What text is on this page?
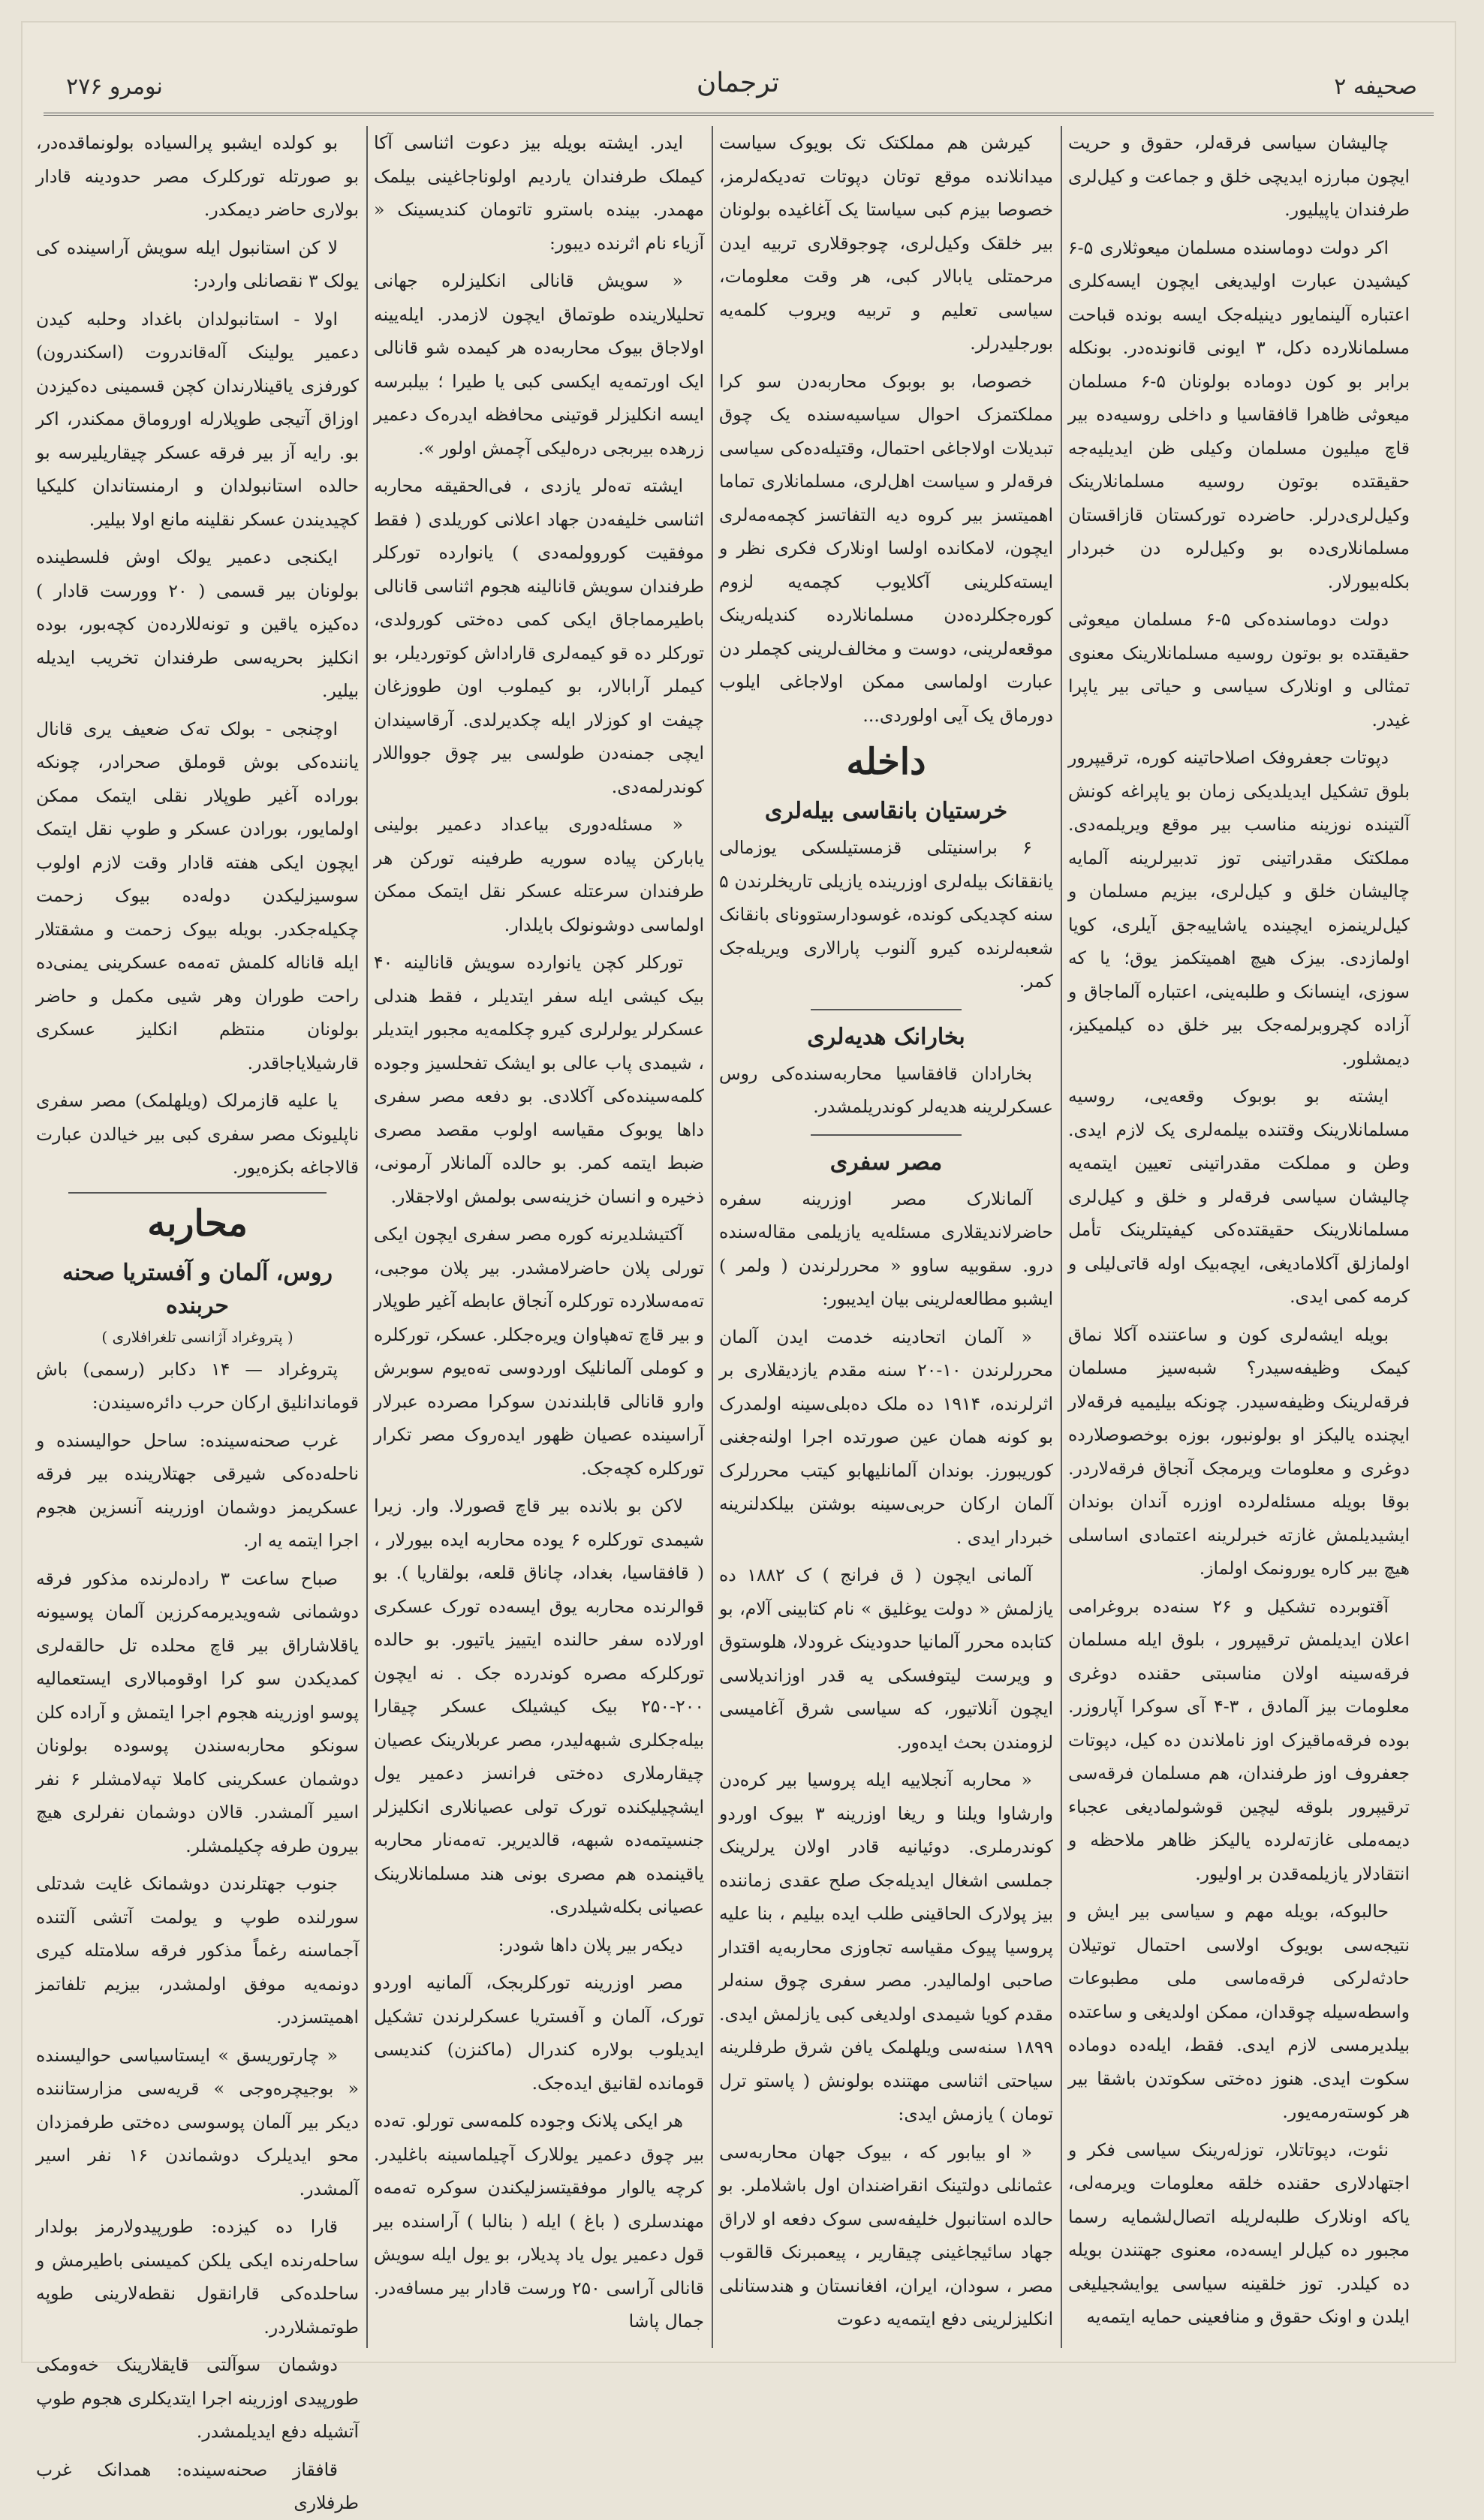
صحیفه ۲
ترجمان
نومرو ۲۷۶

چالیشان سیاسی فرقه‌لر، حقوق و حریت ایچون مبارزه ایدیچی خلق و جماعت و کیل‌لری طرفندان یاپیلیور.

اکر دولت دوماسنده مسلمان میعوثلاری ۵-۶ کیشیدن عبارت اولیدیغی ایچون ایسه‌کلری اعتبارە آلینمایور دینیلەجک ایسه بونده قباحت مسلمانلارده دکل، ۳ ایونی قانونده‌در. بونکله برابر بو کون دوماده بولونان ۵-۶ مسلمان میعوثی ظاهرا قافقاسیا و داخلی روسیه‌ده بیر قاچ میلیون مسلمان وکیلی ظن ایدیلیه‌جه حقیقتده بوتون روسیه مسلمانلارینک وکیل‌لری‌درلر. حاضرده تورکستان قازاقستان مسلمانلاری‌ده بو وکیل‌لرە دن خبردار بکله‌بیورلار.

دولت دوماسنده‌کی ۵-۶ مسلمان میعوثی حقیقتده بو بوتون روسیه مسلمانلارینک معنوی تمثالی و اونلارک سیاسی و حیاتی بیر یاپرا غیدر.

دپوتات جعفروفک اصلاحاتینه کوره، ترقیپرور بلوق تشکیل ایدیلدیکی زمان بو یاپراغه کونش آلتینده نوزینه مناسب بیر موقع ویریلمه‌دی. مملکتک مقدراتینی توز تدبیرلرینه آلمایه چالیشان خلق و کیل‌لری، بیزیم مسلمان و کیل‌لرینمزه ایچینده یاشاییه‌جق آیلری، کویا اولمازدی. بیزک هیچ اهمیتکمز یوق؛ یا که سوزی، اینسانک و طلبه‌ینی، اعتبارە آلماجاق و آزاده کچروبرلمه‌جک بیر خلق ده کیلمیکیز، دیمشلور.

ایشته بو بوبوک وقعه‌یی، روسیه مسلمانلارینک وقتنده بیلمه‌لری یک لازم ایدی. وطن و مملکت مقدراتینی تعیین ایتمه‌یه چالیشان سیاسی فرقه‌لر و خلق و کیل‌لری مسلمانلارینک حقیقتده‌کی کیفیتلرینک تأمل اولمازلق آکلامادیغی، ایچه‌بیک اوله قاتی‌لیلی و کرمه کمی ایدی.

بویله ایشه‌لرى کون و ساعتنده آکلا نماق کیمک وظیفه‌سیدر؟ شبه‌سیز مسلمان فرقه‌لرینک وظیفه‌سیدر. چونکه بیلیمیه فرقه‌لار ایچنده یالیکز او بولونبور، بوزە بوخصوصلارده دوغری و معلومات ویرمجک آنجاق فرقه‌لاردر. بوقا بویله مسئلەلرده اوزرە آندان بوندان ایشیدیلمش غازته خبرلرینه اعتمادی اساسلی هیچ بیر کاره یورونمک اولماز.

آقتوبرده تشکیل و ۲۶ سنه‌ده بروغرامی اعلان ایدیلمش ترقیپرور ، بلوق ایله مسلمان فرقه‌سینه اولان مناسبتی حقنده دوغری معلومات بیز آلمادق ، ۳-۴ آی سوکرا آپاروزر. بوده فرقه‌ماقیزک اوز ناملاندن ده کیل، دپوتات جعفروف اوز طرفندان، هم مسلمان فرقه‌سی ترقیپرور بلوقه لیچین قوشولمادیغی عجباء دیمه‌ملی غازته‌لرده یالیکز ظاهر ملاحظه و انتقادلار یازیلمه‌قدن بر اولیور.

حالبوکه، بویله مهم و سیاسی بیر ایش و نتیجه‌سی بویوک اولاسی احتمال توتیلان حادثەلرکی فرقه‌ماسی ملی مطبوعات واسطه‌سیله چوقدان، ممکن اولدیغی و ساعتده بیلدیرمسی لازم ایدی. فقط، ایله‌ده دوماده سکوت ایدی. هنوز ده‌ختی سکوتدن باشقا بیر هر کوسته‌رمه‌یور.

نئوت، دپوتاتلار، توزله‌رینک سیاسی فکر و اجتهادلاری حقنده خلقه معلومات ویرمه‌لی، ياکه اونلارک طلبه‌لریله اتصال‌لشمایه رسما مجبور ده کیل‌لر ایسه‌ده، معنوی جهتندن بویله ده کیلدر. توز خلقینه سیاسی یوایشجیلیغی ایلدن و اونک حقوق و منافعینی حمایه ایتمه‌یه

کیرشن هم مملکتک تک بویوک سیاست میدانلاندە موقع توتان دپوتات ته‌دیکه‌لرمز، خصوصا بیزم کبی سیاستا یک آغاغیده بولونان بیر خلقک وکیل‌لری، چوجوقلاری تربیه ایدن مرحمتلی یابالار کبی، هر وقت معلومات، سیاسی تعلیم و تربیه ویروب کلمه‌یه بورجلیدرلر.

خصوصا، بو بوبوک محاربه‌دن سو کرا مملکتمزک احوال سیاسیه‌سنده یک چوق تبدیلات اولاجاغی احتمال، وقتیله‌ده‌کی سیاسی فرقه‌لر و سیاست اهل‌لری، مسلمانلاری تماما اهمیتسز بیر کروه دیه التفاتسز کچمه‌مه‌لری ایچون، لامکانده اولسا اونلارک فکری نظر و ایسته‌کلرینی آکلایوب کچمه‌یه لزوم کوره‌جکلرده‌دن مسلمانلارده کندیله‌رینک موقعه‌لرینی، دوست و مخالف‌لرینی کچملر دن عبارت اولماسی ممکن اولاجاغی ایلوب دورماق یک آیی اولوردی...

داخله
خرستیان بانقاسی بیله‌لری

۶ براسنیتلی قزمستیلسکی یوزمالی یانققانک بیله‌لری اوزرینده یازیلی تاریخلرندن ۵ سنه کچدیکی کونده، غوسودارستوونای بانقانک شعبه‌لرنده کیرو آلنوب پارالاری ویریله‌جک کمر.

بخارانک هدیه‌لری

بخارادان قافقاسیا محاربه‌سنده‌کی روس عسکرلرینه هدیه‌لر کوندریلمشدر.

مصر سفری

آلمانلارک مصر اوزرینه سفره حاضرلاندیقلاری مسئله‌یه یازیلمی مقاله‌سنده درو. سقوبیه ساوو « محررلرندن ( ولمر ) ایشبو مطالعه‌لرینی بیان ایدیبور:

« آلمان اتحادینه خدمت ایدن آلمان محررلرندن ۱۰-۲۰ سنه مقدم یازدیقلاری بر اثرلرنده، ۱۹۱۴ ده ملک ده‌بلی‌سینه اولمدرک بو کونه همان عین صورتده اجرا اولنه‌جغنی کوریبورز. بوندان آلمانلیهابو کیتب محررلرک آلمان ارکان حربی‌سینه بوشتن بیلکدلنرینه خبردار ایدی .

آلمانی ایچون ( ق فرانج ) ک ۱۸۸۲ ده یازلمش « دولت یوغلیق » نام کتابینی آلام، بو کتابده محرر آلمانیا حدودینک غرودلا، هلوستوق و ویرست لیتوفسکی یه قدر اوزاندیلاسی ایچون آنلاتیور، که سیاسی شرق آغامیسی لزومندن بحث ایده‌ور.

« محاربه آنجلاییه ایله پروسیا بیر کره‌دن وارشاوا ویلنا و ریغا اوزرینه ۳ بیوک اوردو کوندرملری. دوئیانیه قادر اولان یرلرینک جملسی اشغال ایدیله‌جک صلح عقدی زماننده بیز پولارک الحاقینی طلب ایده بیلیم ، بنا علیه پروسیا پیوک مقیاسه تجاوزی محاربه‌یه اقتدار صاحبی اولمالیدر. مصر سفری چوق سنه‌لر مقدم کویا شیمدی اولدیغی کبی یازلمش ایدی. ۱۸۹۹ سنه‌سی ویلهلمک یافن شرق طرفلرینه سیاحتی اثناسی مهتنده بولونش ( پاستو ترل تومان ) یازمش ایدی:

« او بیابور که ، بیوک جهان محاربه‌سی عثمانلی دولتینک انقراضندان اول باشلاملر. بو حالده استانبول خلیفه‌سی سوک دفعه او لاراق جهاد سائیجاغینی چیقاریر ، پیعمبرنک قالقوب مصر ، سودان، ایران، افغانستان و هندستانلی انکلیزلرینی دفع ایتمه‌یه دعوت

ایدر. ایشته بویله بیز دعوت اثناسی آکا کیملک طرفندان یاردیم اولوناجاغینی بیلمک مهمدر. بینده باسترو تاتومان کندیسینک « آزیاء نام اثرنده دیبور:

« سویش قانالی انکلیزلرە جهانی تحلیلارینده طوتماق ایچون لازمدر. ایله‌یینه اولاجاق بیوک محاربه‌ده هر کیمده شو قانالی ایک اورتمه‌یه ایکسی کبی یا طیرا ؛ بیلبرسه ایسه انکلیزلر قوتینی محافظه ایدرەک دعمیر زرهده بیربجی دره‌لیکی آچمش اولور ».

ایشته ته‌ه‌لر یازدی ، فی‌الحقیقه محاربه اثناسی خلیفه‌دن جهاد اعلانی کوریلدی ( فقط موفقیت کوروولمه‌دی ) یانواردە تورکلر طرفندان سویش قانالینه هجوم اثناسی قانالی باطیرمماجاق ایکی کمی ده‌ختی کورولدی، تورکلر ده قو کیمه‌لری قاراداش کوتوردیلر، بو کیملر آرابالار، بو کیملوب اون طووزغان چیفت او کوزلار ایله چکدیرلدی. آرقاسیندان ایچی جمنه‌دن طولسی بیر چوق جوواللار کوندرلمه‌دی.

« مسئله‌دوری بیاعداد دعمیر بولینی یابارکن پیاده سوریه طرفینه تورکن هر طرفندان سرعتله عسکر نقل ایتمک ممکن اولماسی دوشونولک بایلدار.

تورکلر کچن یانوارده سویش قانالینه ۴۰ بیک کیشی ایله سفر ایتدیلر ، فقط هندلی عسکرلر یولرلری کیرو چکلمه‌یه مجبور ایتدیلر ، شیمدی پاب عالی بو ایشک تفحلسیز وجوده کلمه‌سیندەکی آکلادی. بو دفعه مصر سفری داها یوبوک مقیاسه اولوب مقصد مصری ضبط ایتمه کمر. بو حالده آلمانلار آرمونی، ذخیره و انسان خزینه‌سی بولمش اولاجقلار.

آکتیشلدیرنه کوره مصر سفری ایچون ایکی تورلی پلان حاضرلامشدر. بیر پلان موجبی، ته‌مه‌سلارده تورکلره آنجاق عابطه آغیر طوپلار و بیر قاچ ته‌هپاوان ویره‌جکلر. عسکر، تورکلره و کوملی آلمانلیک اوردوسی ته‌ه‌یوم سوبرش وارو قانالی قابلندندن سوکرا مصرده عبرلار آراسینده عصیان ظهور ایده‌روک مصر تکرار تورکلره کچه‌جک.

لاکن بو بلانده بیر قاچ قصورلا. وار. زیرا شیمدی تورکلره ۶ یوده محاربه ایده بیورلار ، ( قافقاسیا، بغداد، چاناق قلعه، بولقاریا ). بو قوالرنده محاربه یوق ایسه‌ده تورک عسکری اورلاده سفر حالنده ایتییز یاتیور. بو حالده تورکلرکه مصره کوندرده جک . نه ایچون ۲۰۰-۲۵۰ بیک کیشیلک عسکر چیقارا بیله‌جکلری شبهه‌لیدر، مصر عربلارینک عصیان چیقارملاری ده‌ختی فرانسز دعمیر یول ایشچیلیکنده تورک تولی عصیانلاری انکلیزلر جنسیتمه‌ده شبهه، قالدیریر. ته‌مه‌نار محاربه یاقینمده هم مصری بونی هند مسلمانلارینک عصیانی بکله‌شیلدری.

دیکه‌ر بیر پلان داها شودر:

مصر اوزرینه تورکلربجک، آلمانیه اوردو تورک، آلمان و آفستریا عسکرلرندن تشکیل ایدیلوب بولاره کندرال (ماکنزن) کندیسی قومانده لقانیق ایده‌جک.

هر ایکی پلانک وجوده کلمه‌سی تورلو. ته‌ده بیر چوق دعمیر یوللارک آچیلماسینه باغلیدر. کرچه یالوار موفقیتسزلیکندن سوکره ته‌مه‌ه مهندسلری ( باغ ) ایله ( بنالبا ) آراسنده بیر قول دعمیر یول یاد پدیلار، بو یول ایله سویش قانالی آراسی ۲۵۰ ورست قادار بیر مسافه‌در. جمال پاشا

بو کولده ایشبو پرالسیاده بولونماقده‌در، بو صورتله تورکلرک مصر حدودینه قادار بولاری حاضر دیمکدر.

لا کن استانبول ایله سویش آراسینده کی یولک ۳ نقصانلی واردر:

اولا - استانبولدان باغداد وحلبه کیدن دعمیر یولینک آله‌قاندروت (اسکندرون) کورفزی یاقینلارندان کچن قسمینی دەکیزدن اوزاق آتیجی طوپلارله اوروماق ممکندر، اکر بو. رایه آز بیر فرقه عسکر چیقاریلیرسه بو حالده استانبولدان و ارمنستاندان کلیکیا کچیدیندن عسکر نقلینه مانع اولا بیلیر.

ایکنجی دعمیر یولک اوش فلسطینده بولونان بیر قسمی ( ۲۰ وورست قادار ) ده‌کیزه یاقین و تونه‌للارده‌ن کچه‌بور، بوده انکلیز بحریه‌سی طرفندان تخریب ایدیله بیلیر.

اوچنجی - بولک ته‌ک ضعیف یری قانال یاننده‌کی بوش قوملق صحرادر، چونکه بوراده آغیر طوپلار نقلی ایتمک ممکن اولمایور، بورادن عسکر و طوپ نقل ایتمک ایچون ایکی هفته قادار وقت لازم اولوب سوسیزلیکدن دوله‌ده بیوک زحمت چکیله‌جکدر. بویله بیوک زحمت و مشقتلار ایله قانالە کلمش ته‌مه‌ه عسکرینی یمنی‌ده راحت طوران وهر شیی مکمل و حاضر بولونان منتظم انکلیز عسکری قارشیلایاجاقدر.

یا علیه قازمرلک (ویلهلمک) مصر سفری ناپلیونک مصر سفری کبی بیر خیالدن عبارت قالاجاغه بکزه‌یور.

محاربه
روس، آلمان و آفستریا صحنه حربنده
( پتروغراد آژانسی تلغرافلاری )

پتروغراد — ۱۴ دکابر (رسمی) باش قوماندانلیق ارکان حرب دائره‌سیندن:

غرب صحنه‌سینده: ساحل حوالیسنده و ناحله‌ده‌کی شیرقی جهتلارینده بیر فرقه عسکریمز دوشمان اوزرینه آنسزین هجوم اجرا ایتمه یه ار.

صباح ساعت ۳ راده‌لرنده مذکور فرقه دوشمانی شه‌ویدیرمه‌کرزین آلمان پوسیونه یاقلاشاراق بیر قاچ محلده تل حالقه‌لری کمدیکدن سو کرا اوقومبالاری ایستعمالیه پوسو اوزرینه هجوم اجرا ایتمش و آراده کلن سونکو محاربه‌سندن پوسوده بولونان دوشمان عسکرینی کاملا تپه‌لامشلر ۶ نفر اسیر آلمشدر. قالان دوشمان نفرلری هیچ بیرون طرفه چکیلمشلر.

جنوب جهتلرندن دوشمانک غایت شدتلی سورلنده طوپ و یولمت آتشی آلتنده آجماسنه رغماً مذکور فرقه سلامتله کیری دونمه‌یه موفق اولمشدر، بیزیم تلفاتمز اهمیتسزدر.

« چارتوریسق » ایستاسیاسی حوالیسنده « بوجیچرە‌وجی » قریه‌سی مزارستاننده دیکر بیر آلمان پوسوسی ده‌ختی طرفمزدان محو ایدیلرک دوشماندن ۱۶ نفر اسیر آلمشدر.

قارا ده کیزده: طورپیدولارمز بولدار ساحلەرنده ایکی یلکن کمیسنی باطیرمش و ساحلده‌کی قارانقول نقطه‌لارینی طوپه طوتمشلاردر.

دوشمان سوآلتی قایقلارینک خه‌ومکی طورپیدی اوزرینه اجرا ایتدیکلری هجوم طوپ آتشیله دفع ایدیلمشدر.

قافقاز صحنه‌سینده: همدانک غرب طرفلاری
